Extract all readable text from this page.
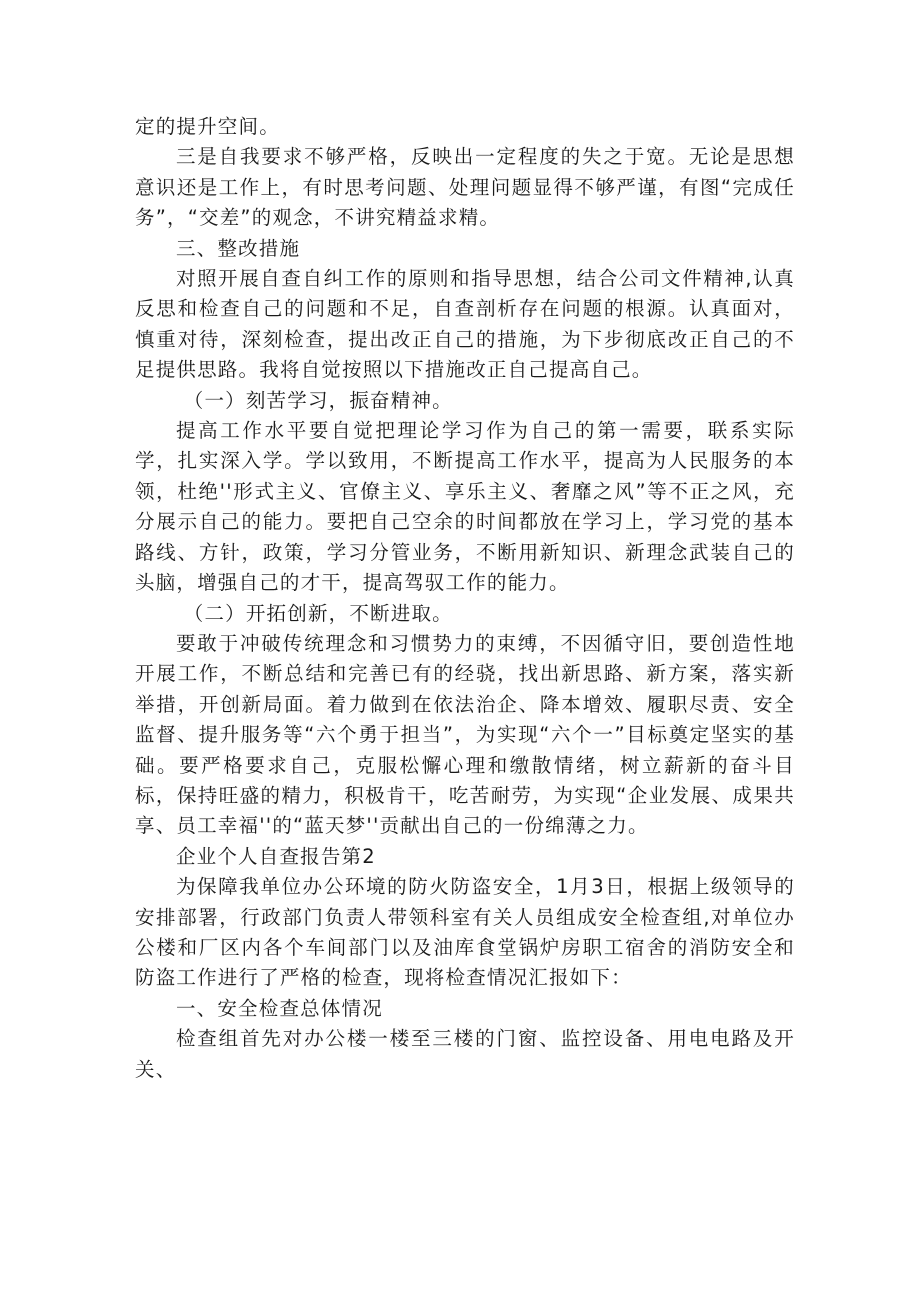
定的提升空间。

三是自我要求不够严格，反映出一定程度的失之于宽。无论是思想意识还是工作上，有时思考问题、处理问题显得不够严谨，有图“完成任务”，“交差”的观念，不讲究精益求精。

三、整改措施

对照开展自查自纠工作的原则和指导思想，结合公司文件精神,认真反思和检查自己的问题和不足，自查剖析存在问题的根源。认真面对，慎重对待，深刻检查，提出改正自己的措施，为下步彻底改正自己的不足提供思路。我将自觉按照以下措施改正自己提高自己。

（一）刻苦学习，振奋精神。

提高工作水平要自觉把理论学习作为自己的第一需要，联系实际学，扎实深入学。学以致用，不断提高工作水平，提高为人民服务的本领，杜绝''形式主义、官僚主义、享乐主义、奢靡之风”等不正之风，充分展示自己的能力。要把自己空余的时间都放在学习上，学习党的基本路线、方针，政策，学习分管业务，不断用新知识、新理念武装自己的头脑，增强自己的才干，提高驾驭工作的能力。

（二）开拓创新，不断进取。

要敢于冲破传统理念和习惯势力的束缚，不因循守旧，要创造性地开展工作，不断总结和完善已有的经骁，找出新思路、新方案，落实新举措，开创新局面。着力做到在依法治企、降本增效、履职尽责、安全监督、提升服务等“六个勇于担当”，为实现“六个一”目标奠定坚实的基础。要严格要求自己，克服松懈心理和缴散情绪，树立薪新的奋斗目标，保持旺盛的精力，积极肯干，吃苦耐劳，为实现“企业发展、成果共享、员工幸福''的“蓝天梦''贡献出自己的一份绵薄之力。

企业个人自查报告第2

为保障我单位办公环境的防火防盗安全，1月3日，根据上级领导的安排部署，行政部门负责人带领科室有关人员组成安全检查组,对单位办公楼和厂区内各个车间部门以及油库食堂锅炉房职工宿舍的消防安全和防盗工作进行了严格的检查，现将检查情况汇报如下：

一、安全检查总体情况

检查组首先对办公楼一楼至三楼的门窗、监控设备、用电电路及开关、
